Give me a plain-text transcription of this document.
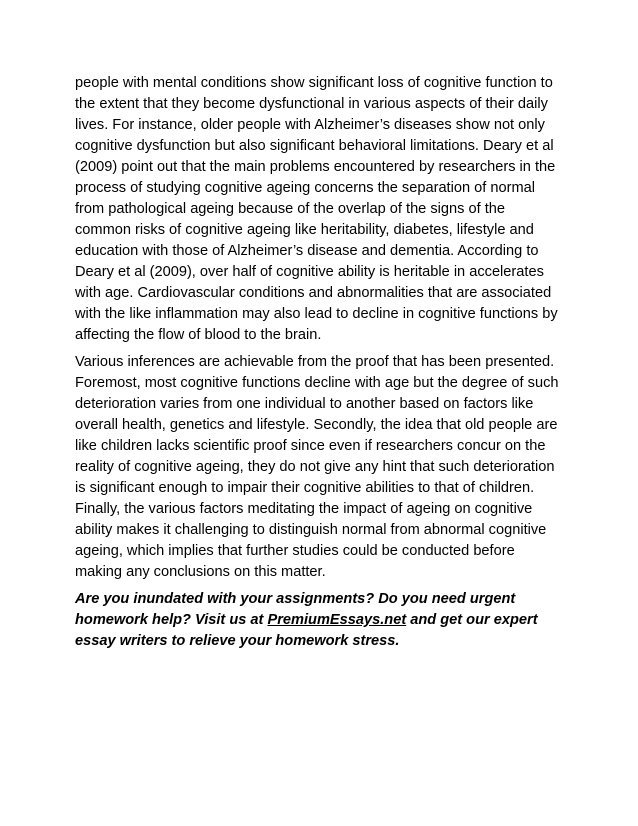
people with mental conditions show significant loss of cognitive function to the extent that they become dysfunctional in various aspects of their daily lives. For instance, older people with Alzheimer’s diseases show not only cognitive dysfunction but also significant behavioral limitations. Deary et al (2009) point out that the main problems encountered by researchers in the process of studying cognitive ageing concerns the separation of normal from pathological ageing because of the overlap of the signs of the common risks of cognitive ageing like heritability, diabetes, lifestyle and education with those of Alzheimer’s disease and dementia. According to Deary et al (2009), over half of cognitive ability is heritable in accelerates with age. Cardiovascular conditions and abnormalities that are associated with the like inflammation may also lead to decline in cognitive functions by affecting the flow of blood to the brain.

Various inferences are achievable from the proof that has been presented. Foremost, most cognitive functions decline with age but the degree of such deterioration varies from one individual to another based on factors like overall health, genetics and lifestyle. Secondly, the idea that old people are like children lacks scientific proof since even if researchers concur on the reality of cognitive ageing, they do not give any hint that such deterioration is significant enough to impair their cognitive abilities to that of children. Finally, the various factors meditating the impact of ageing on cognitive ability makes it challenging to distinguish normal from abnormal cognitive ageing, which implies that further studies could be conducted before making any conclusions on this matter.

Are you inundated with your assignments? Do you need urgent homework help? Visit us at PremiumEssays.net and get our expert essay writers to relieve your homework stress.
